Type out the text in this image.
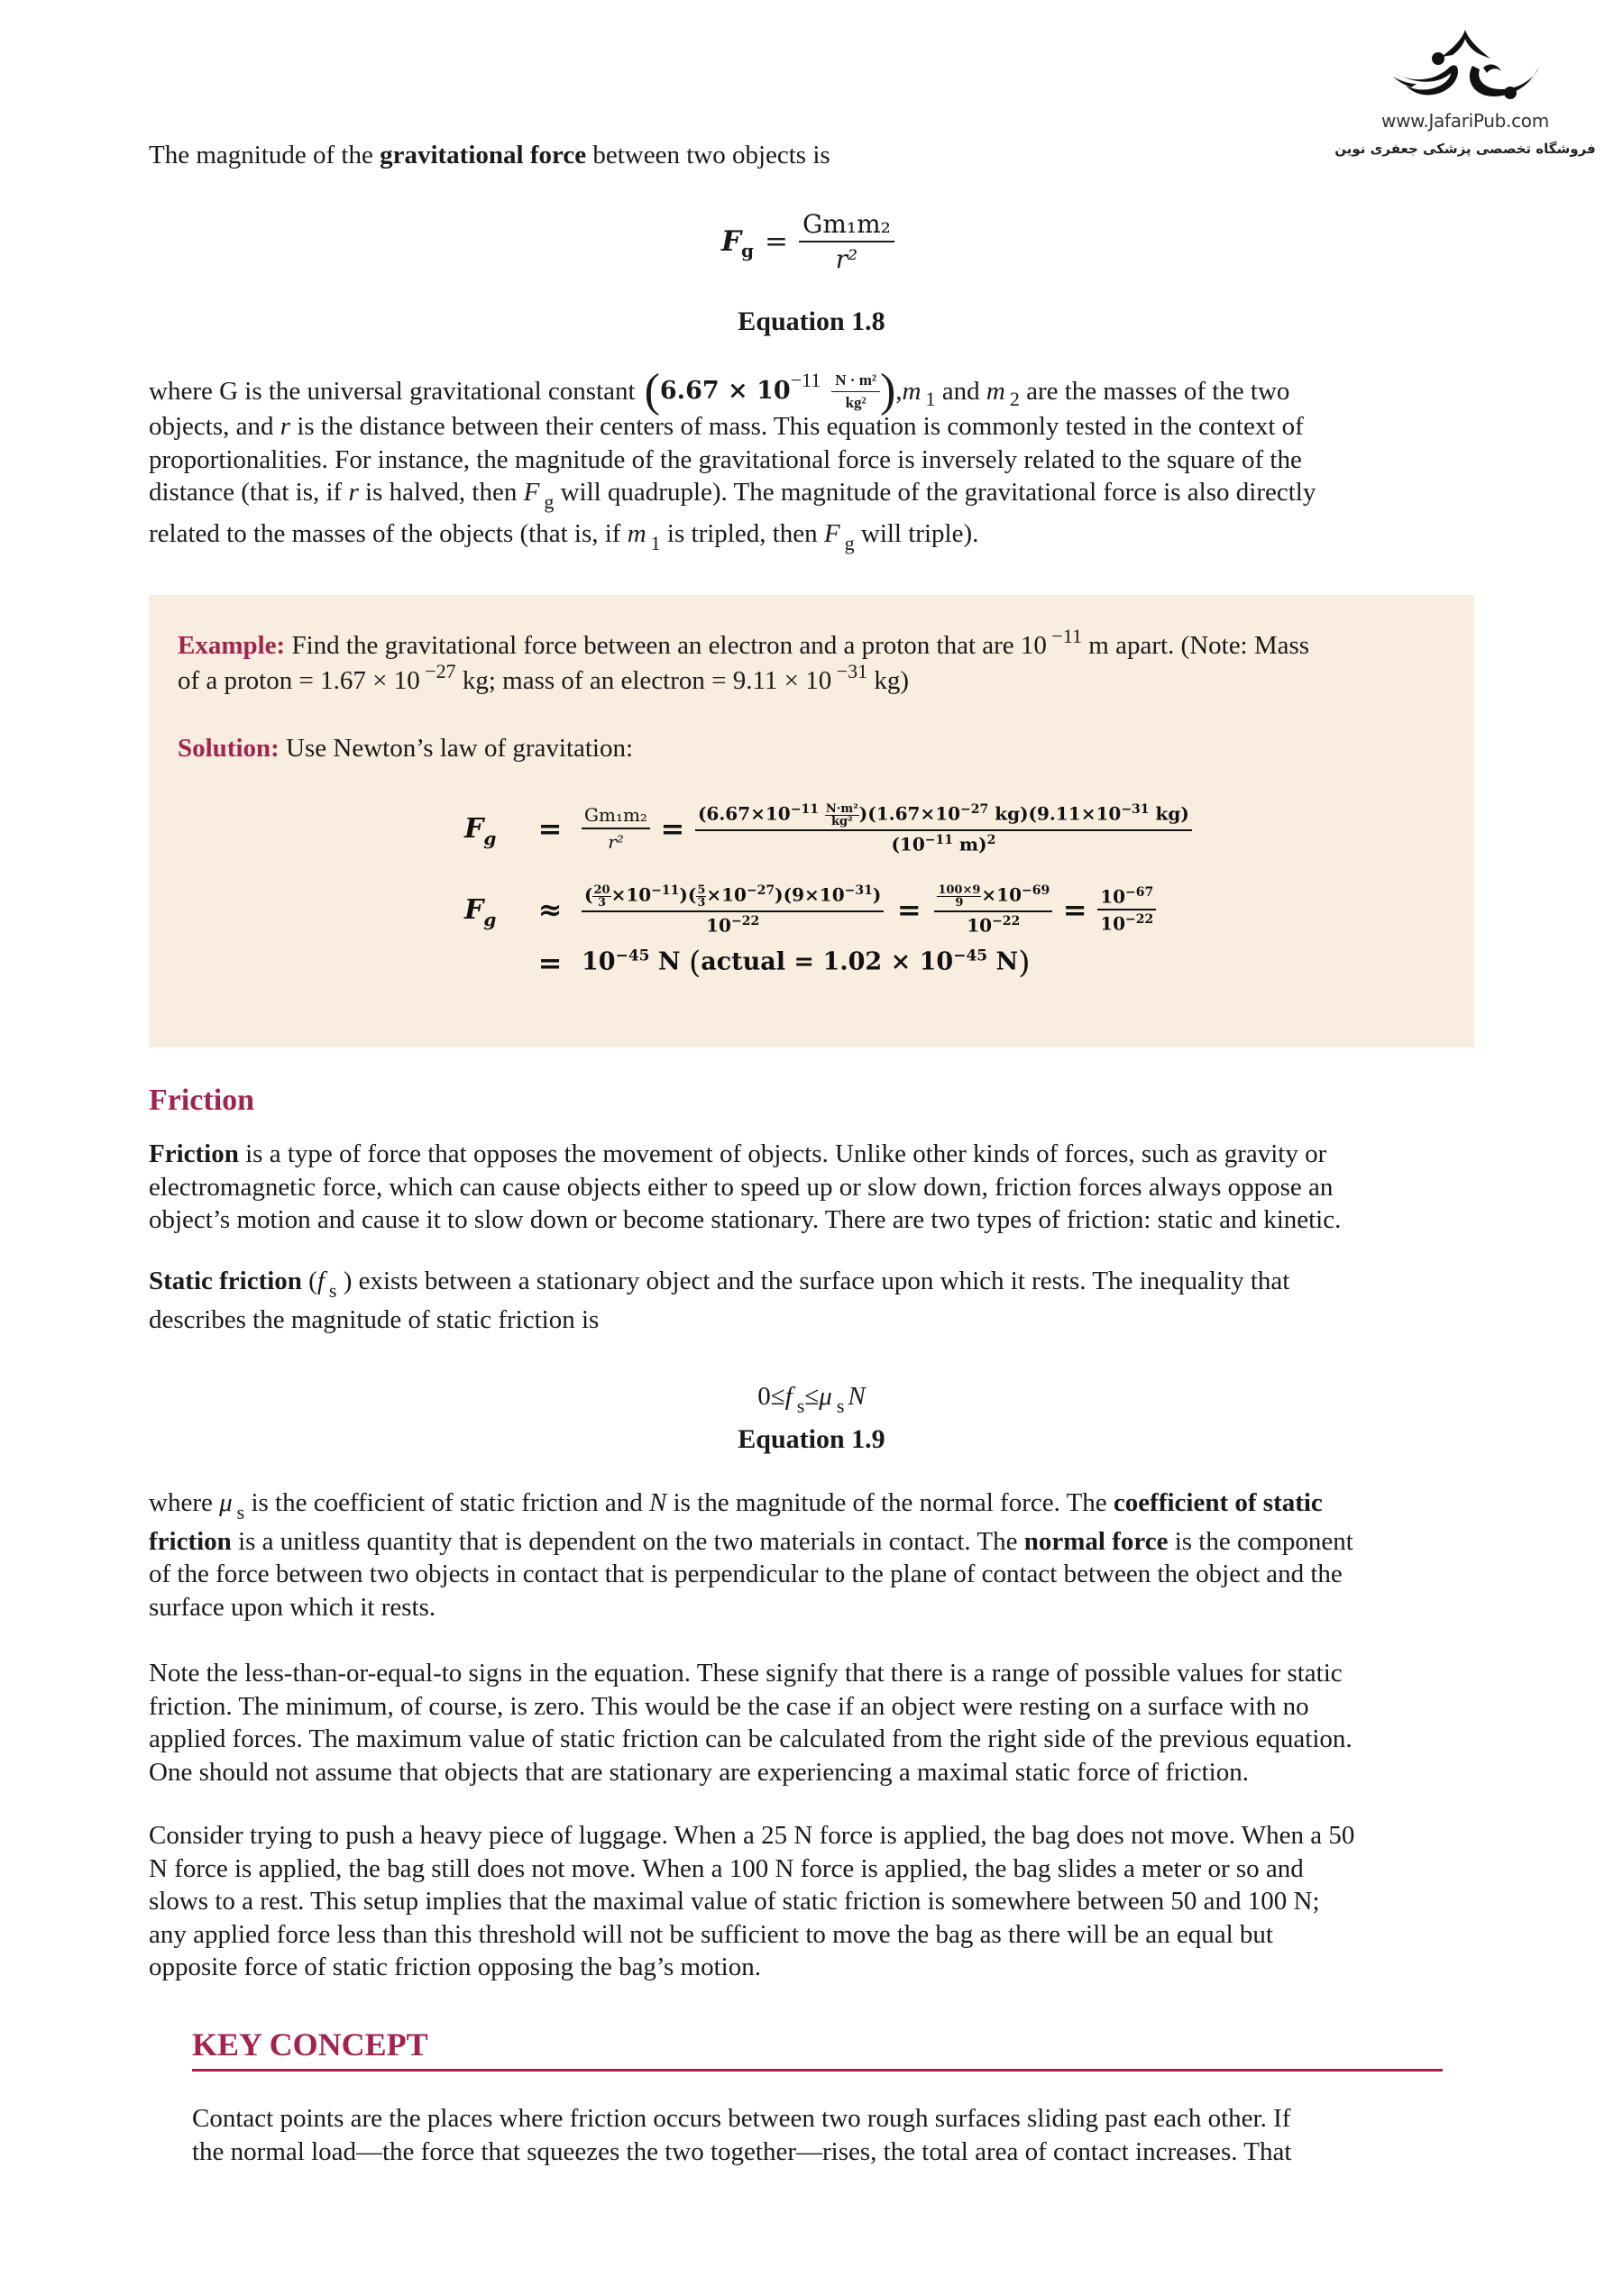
www.JafariPub.com
فروشگاه تخصصی پزشکی جعفری نوین

The magnitude of the gravitational force between two objects is

F $g = \frac{\text{Gm₁m₂}}{\text{r²}}$
Equation 1.8

where G is the universal gravitational constant ( $6.67 \times 10 -11 \frac{\text{N · m²}}{\text{kg²}}$ ) , m 1 and m 2 are the masses of the two

objects, and r is the distance between their centers of mass. This equation is commonly tested in the context of

proportionalities. For instance, the magnitude of the gravitational force is inversely related to the square of the

distance (that is, if r is halved, then F $_g$ will quadruple). The magnitude of the gravitational force is also directly

related to the masses of the objects (that is, if m $_1$ is tripled, then F $_g$ will triple).

Example: Find the gravitational force between an electron and a proton that are 10 $^{-11}$ m apart. (Note: Mass
of a proton = 1.67 × 10 $^{-27}$ kg; mass of an electron = 9.11 × 10 $^{-31}$ kg)

Solution: Use Newton’s law of gravitation:

$F_g$	=	$\frac{\text{Gm₁m₂}}{\text{r²}} = \frac{(6.67\times 10^{-11} \frac{\text{N·m²}}{\text{kg²}} )(1.67\times 10^{-27} kg)(9.11\times 10^{-31} kg)}{(10^{-11} m)^2}$
$F_g$	≈	$\frac{( \frac{20}{3} \times 10^{-11})( \frac{5}{3} \times 10^{-27})(9\times 10^{-31})}{10^{-22}}$ =	$\frac{\frac{100\times 9}{9} \times 10^{-69}}{10^{-22}} = \frac{10^{-67}}{10^{-22}}$
= $10^{-45}$ N (actual = $1.02 \times 10^{-45}$ N)
Friction

Friction is a type of force that opposes the movement of objects. Unlike other kinds of forces, such as gravity or

electromagnetic force, which can cause objects either to speed up or slow down, friction forces always oppose an

object’s motion and cause it to slow down or become stationary. There are two types of friction: static and kinetic.

Static friction (f $_s$ ) exists between a stationary object and the surface upon which it rests. The inequality that

describes the magnitude of static friction is

0≤f $_s$≤μ $_s$ N
Equation 1.9

where μ $_s$ is the coefficient of static friction and N is the magnitude of the normal force. The coefficient of static

friction is a unitless quantity that is dependent on the two materials in contact. The normal force is the component

of the force between two objects in contact that is perpendicular to the plane of contact between the object and the

surface upon which it rests.

Note the less-than-or-equal-to signs in the equation. These signify that there is a range of possible values for static

friction. The minimum, of course, is zero. This would be the case if an object were resting on a surface with no

applied forces. The maximum value of static friction can be calculated from the right side of the previous equation.

One should not assume that objects that are stationary are experiencing a maximal static force of friction.

Consider trying to push a heavy piece of luggage. When a 25 N force is applied, the bag does not move. When a 50

N force is applied, the bag still does not move. When a 100 N force is applied, the bag slides a meter or so and

slows to a rest. This setup implies that the maximal value of static friction is somewhere between 50 and 100 N;

any applied force less than this threshold will not be sufficient to move the bag as there will be an equal but

opposite force of static friction opposing the bag’s motion.

KEY CONCEPT

Contact points are the places where friction occurs between two rough surfaces sliding past each other. If

the normal load—the force that squeezes the two together—rises, the total area of contact increases. That
